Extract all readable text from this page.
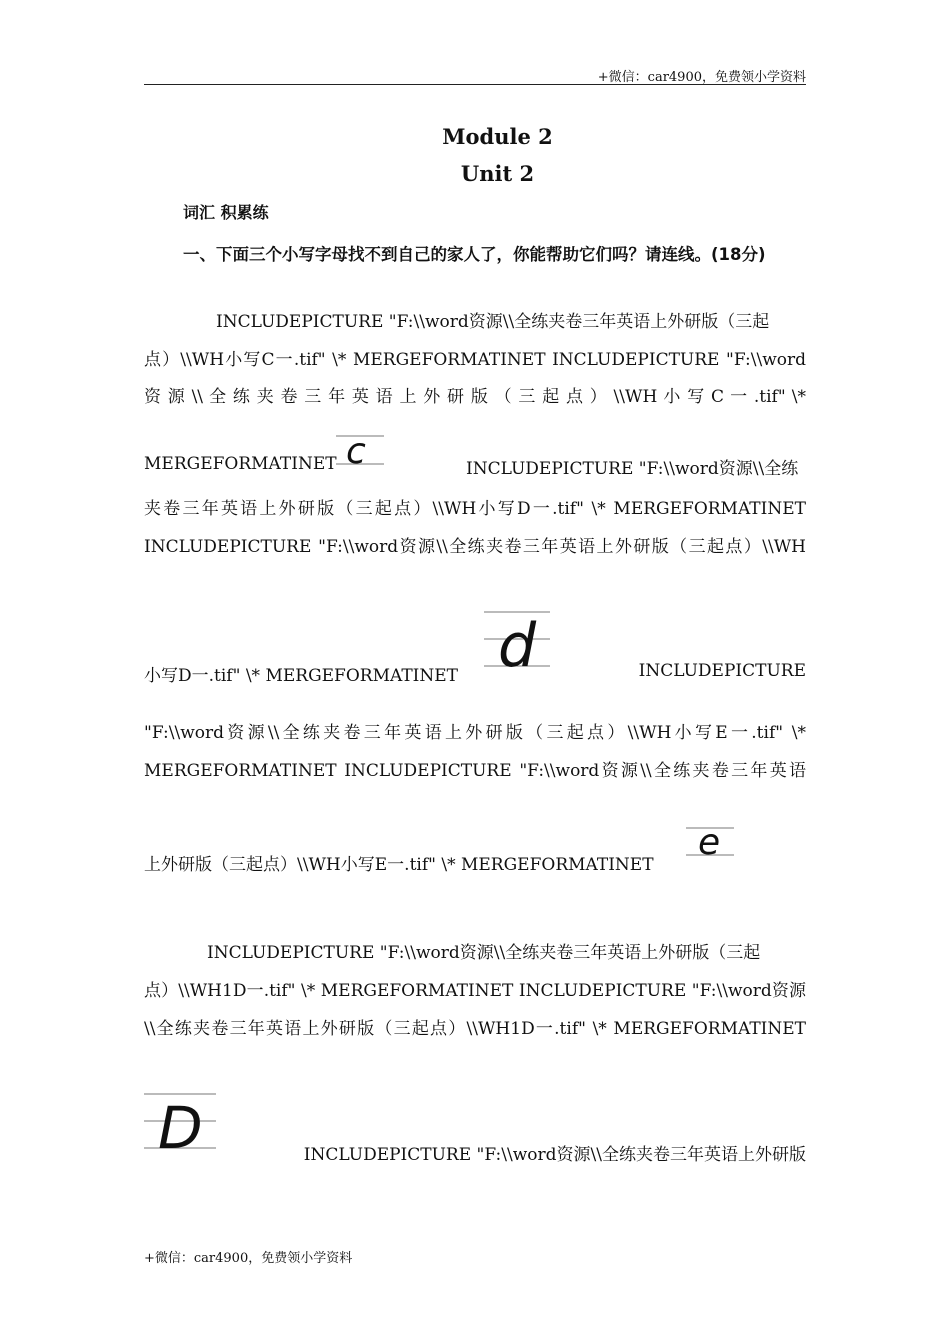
+微信：car4900，免费领小学资料
Module 2
Unit 2
词汇 积累练
一、下面三个小写字母找不到自己的家人了，你能帮助它们吗？请连线。(18分)
INCLUDEPICTURE "F:\\word资源\\全练夹卷三年英语上外研版（三起
点）\\WH小写C一.tif" \* MERGEFORMATINET INCLUDEPICTURE "F:\\word
资 源 \\ 全 练 夹 卷 三 年 英 语 上 外 研 版 （ 三 起 点 ） \\WH 小 写 C 一 .tif" \*
MERGEFORMATINET c	INCLUDEPICTURE "F:\\word资源\\全练
夹卷三年英语上外研版（三起点）\\WH小写D一.tif" \* MERGEFORMATINET
INCLUDEPICTURE "F:\\word资源\\全练夹卷三年英语上外研版（三起点）\\WH
小写D一.tif" \* MERGEFORMATINET d	INCLUDEPICTURE
"F:\\word资源\\全练夹卷三年英语上外研版（三起点）\\WH小写E一.tif" \*
MERGEFORMATINET INCLUDEPICTURE "F:\\word资源\\全练夹卷三年英语
上外研版（三起点）\\WH小写E一.tif" \* MERGEFORMATINET
e
INCLUDEPICTURE "F:\\word资源\\全练夹卷三年英语上外研版（三起
点）\\WH1D一.tif" \* MERGEFORMATINET INCLUDEPICTURE "F:\\word资源
\\全练夹卷三年英语上外研版（三起点）\\WH1D一.tif" \* MERGEFORMATINET
D	INCLUDEPICTURE "F:\\word资源\\全练夹卷三年英语上外研版
+微信：car4900，免费领小学资料
